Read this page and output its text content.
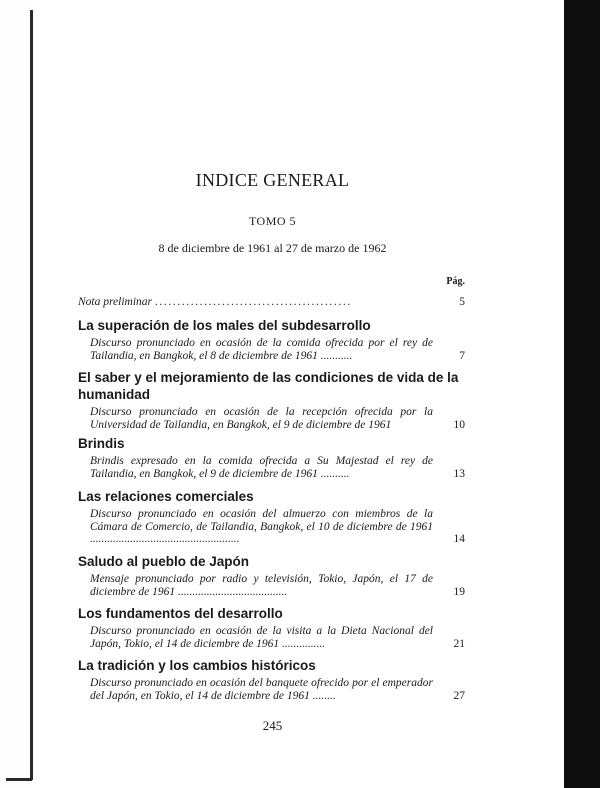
INDICE GENERAL
TOMO 5
8 de diciembre de 1961 al 27 de marzo de 1962
Pág.
Nota preliminar ............................................	5
La superación de los males del subdesarrollo
Discurso pronunciado en ocasión de la comida ofrecida por el rey de Tailandia, en Bangkok, el 8 de diciembre de 1961 ...........	7
El saber y el mejoramiento de las condiciones de vida de la humanidad
Discurso pronunciado en ocasión de la recepción ofrecida por la Universidad de Tailandia, en Bangkok, el 9 de diciembre de 1961	10
Brindis
Brindis expresado en la comida ofrecida a Su Majestad el rey de Tailandia, en Bangkok, el 9 de diciembre de 1961 ..........	13
Las relaciones comerciales
Discurso pronunciado en ocasión del almuerzo con miembros de la Cámara de Comercio, de Tailandia, Bangkok, el 10 de diciembre de 1961 ....................................................	14
Saludo al pueblo de Japón
Mensaje pronunciado por radio y televisión, Tokio, Japón, el 17 de diciembre de 1961 ......................................	19
Los fundamentos del desarrollo
Discurso pronunciado en ocasión de la visita a la Dieta Nacional del Japón, Tokio, el 14 de diciembre de 1961 ...............	21
La tradición y los cambios históricos
Discurso pronunciado en ocasión del banquete ofrecido por el emperador del Japón, en Tokio, el 14 de diciembre de 1961 ........	27
245
